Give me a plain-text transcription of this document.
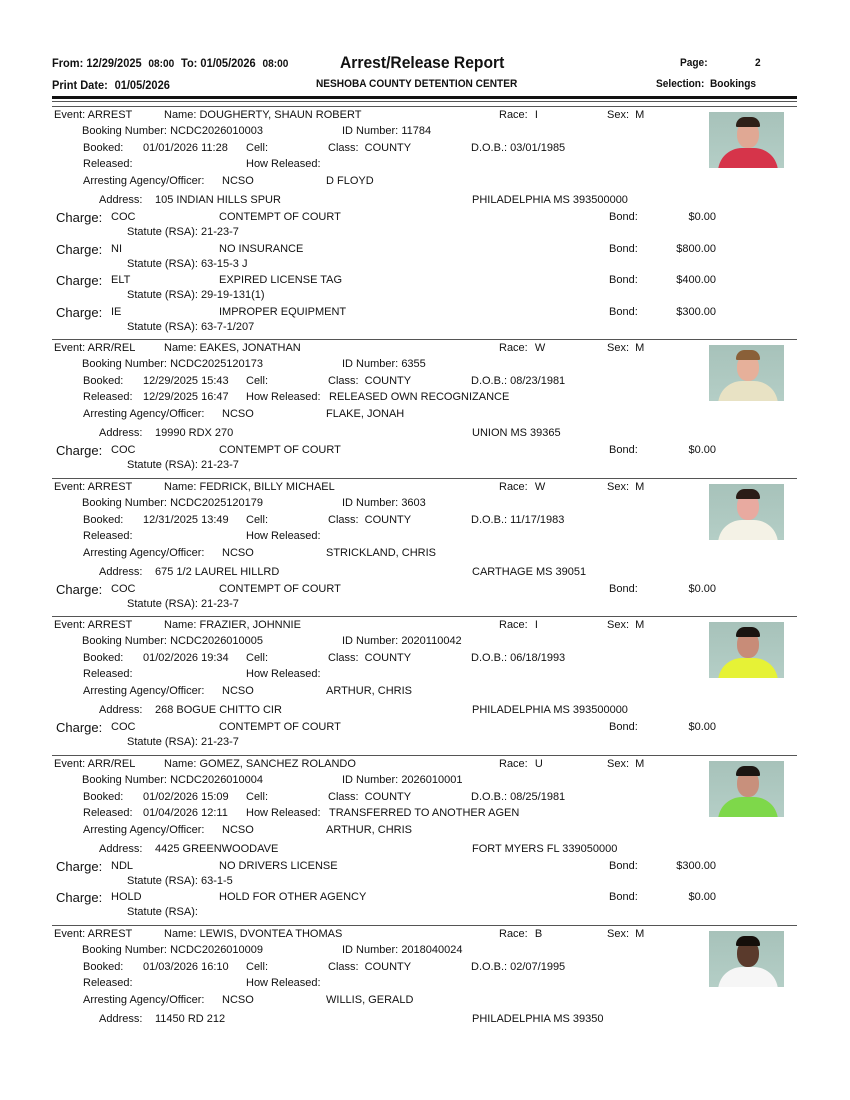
From: 12/29/2025 08:00 To: 01/05/2026 08:00	Arrest/Release Report	Page:	2
Print Date: 01/05/2026	NESHOBA COUNTY DETENTION CENTER	Selection: Bookings
Event: ARREST	Name: DOUGHERTY, SHAUN ROBERT	Race: I	Sex: M
Booking Number: NCDC2026010003	ID Number: 11784
Booked: 01/01/2026 11:28 Cell:	Class: COUNTY	D.O.B.: 03/01/1985
Released:	How Released:
Arresting Agency/Officer: NCSO	D FLOYD
Address: 105 INDIAN HILLS SPUR	PHILADELPHIA MS 393500000
Charge: COC	CONTEMPT OF COURT	Bond:	$0.00
Statute (RSA): 21-23-7
Charge: NI	NO INSURANCE	Bond:	$800.00
Statute (RSA): 63-15-3 J
Charge: ELT	EXPIRED LICENSE TAG	Bond:	$400.00
Statute (RSA): 29-19-131(1)
Charge: IE	IMPROPER EQUIPMENT	Bond:	$300.00
Statute (RSA): 63-7-1/207
Event: ARR/REL	Name: EAKES, JONATHAN	Race: W	Sex: M
Booking Number: NCDC2025120173	ID Number: 6355
Booked: 12/29/2025 15:43 Cell:	Class: COUNTY	D.O.B.: 08/23/1981
Released: 12/29/2025 16:47 How Released: RELEASED OWN RECOGNIZANCE
Arresting Agency/Officer: NCSO	FLAKE, JONAH
Address: 19990 RDX 270	UNION MS 39365
Charge: COC	CONTEMPT OF COURT	Bond:	$0.00
Statute (RSA): 21-23-7
Event: ARREST	Name: FEDRICK, BILLY MICHAEL	Race: W	Sex: M
Booking Number: NCDC2025120179	ID Number: 3603
Booked: 12/31/2025 13:49 Cell:	Class: COUNTY	D.O.B.: 11/17/1983
Released:	How Released:
Arresting Agency/Officer: NCSO	STRICKLAND, CHRIS
Address: 675 1/2 LAUREL HILLRD	CARTHAGE MS 39051
Charge: COC	CONTEMPT OF COURT	Bond:	$0.00
Statute (RSA): 21-23-7
Event: ARREST	Name: FRAZIER, JOHNNIE	Race: I	Sex: M
Booking Number: NCDC2026010005	ID Number: 2020110042
Booked: 01/02/2026 19:34 Cell:	Class: COUNTY	D.O.B.: 06/18/1993
Released:	How Released:
Arresting Agency/Officer: NCSO	ARTHUR, CHRIS
Address: 268 BOGUE CHITTO CIR	PHILADELPHIA MS 393500000
Charge: COC	CONTEMPT OF COURT	Bond:	$0.00
Statute (RSA): 21-23-7
Event: ARR/REL	Name: GOMEZ, SANCHEZ ROLANDO	Race: U	Sex: M
Booking Number: NCDC2026010004	ID Number: 2026010001
Booked: 01/02/2026 15:09 Cell:	Class: COUNTY	D.O.B.: 08/25/1981
Released: 01/04/2026 12:11 How Released: TRANSFERRED TO ANOTHER AGEN
Arresting Agency/Officer: NCSO	ARTHUR, CHRIS
Address: 4425 GREENWOODAVE	FORT MYERS FL 339050000
Charge: NDL	NO DRIVERS LICENSE	Bond:	$300.00
Statute (RSA): 63-1-5
Charge: HOLD	HOLD FOR OTHER AGENCY	Bond:	$0.00
Statute (RSA):
Event: ARREST	Name: LEWIS, DVONTEA THOMAS	Race: B	Sex: M
Booking Number: NCDC2026010009	ID Number: 2018040024
Booked: 01/03/2026 16:10 Cell:	Class: COUNTY	D.O.B.: 02/07/1995
Released:	How Released:
Arresting Agency/Officer: NCSO	WILLIS, GERALD
Address: 11450 RD 212	PHILADELPHIA MS 39350
